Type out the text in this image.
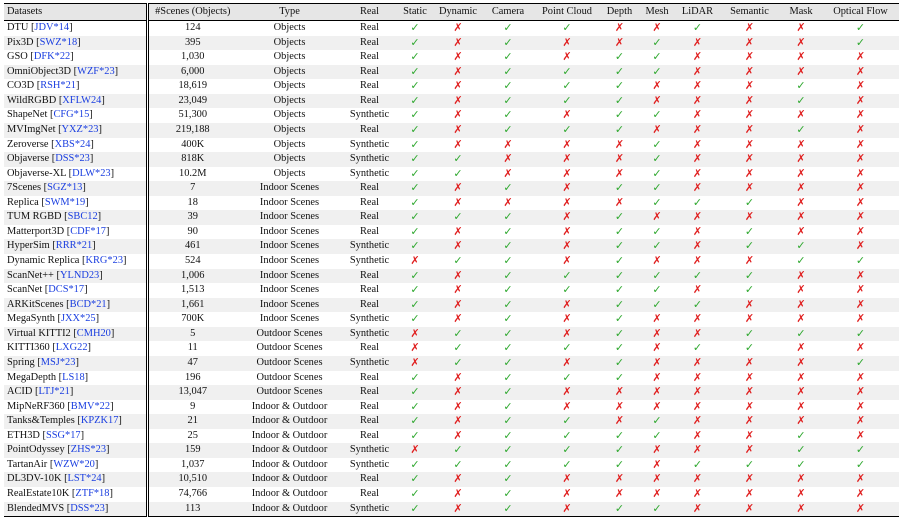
Datasets	#Scenes (Objects)	Type	Real	Static	Dynamic	Camera	Point Cloud	Depth	Mesh	LiDAR	Semantic	Mask	Optical Flow
DTU [JDV*14]	124	Objects	Real	✓	✗	✓	✓	✗	✗	✓	✗	✗	✓
Pix3D [SWZ*18]	395	Objects	Real	✓	✗	✓	✗	✗	✓	✗	✗	✗	✓
GSO [DFK*22]	1,030	Objects	Real	✓	✗	✓	✗	✓	✓	✗	✗	✗	✗
OmniObject3D [WZF*23]	6,000	Objects	Real	✓	✗	✓	✓	✓	✓	✗	✗	✗	✗
CO3D [RSH*21]	18,619	Objects	Real	✓	✗	✓	✓	✓	✗	✗	✗	✓	✗
WildRGBD [XFLW24]	23,049	Objects	Real	✓	✗	✓	✓	✓	✗	✗	✗	✓	✗
ShapeNet [CFG*15]	51,300	Objects	Synthetic	✓	✗	✓	✗	✓	✓	✗	✗	✗	✗
MVImgNet [YXZ*23]	219,188	Objects	Real	✓	✗	✓	✓	✓	✗	✗	✗	✓	✗
Zeroverse [XBS*24]	400K	Objects	Synthetic	✓	✗	✗	✗	✗	✓	✗	✗	✗	✗
Objaverse [DSS*23]	818K	Objects	Synthetic	✓	✓	✗	✗	✗	✓	✗	✗	✗	✗
Objaverse-XL [DLW*23]	10.2M	Objects	Synthetic	✓	✓	✗	✗	✗	✓	✗	✗	✗	✗
7Scenes [SGZ*13]	7	Indoor Scenes	Real	✓	✗	✓	✗	✓	✓	✗	✗	✗	✗
Replica [SWM*19]	18	Indoor Scenes	Real	✓	✗	✗	✗	✗	✓	✓	✓	✗	✗
TUM RGBD [SBC12]	39	Indoor Scenes	Real	✓	✓	✓	✗	✓	✗	✗	✗	✗	✗
Matterport3D [CDF*17]	90	Indoor Scenes	Real	✓	✗	✓	✗	✓	✓	✗	✓	✗	✗
HyperSim [RRR*21]	461	Indoor Scenes	Synthetic	✓	✗	✓	✗	✓	✓	✗	✓	✓	✗
Dynamic Replica [KRG*23]	524	Indoor Scenes	Synthetic	✗	✓	✓	✗	✓	✗	✗	✗	✓	✓
ScanNet++ [YLND23]	1,006	Indoor Scenes	Real	✓	✗	✓	✓	✓	✓	✓	✓	✗	✗
ScanNet [DCS*17]	1,513	Indoor Scenes	Real	✓	✗	✓	✓	✓	✓	✗	✓	✗	✗
ARKitScenes [BCD*21]	1,661	Indoor Scenes	Real	✓	✗	✓	✗	✓	✓	✓	✗	✗	✗
MegaSynth [JXX*25]	700K	Indoor Scenes	Synthetic	✓	✗	✓	✗	✓	✗	✗	✗	✗	✗
Virtual KITTI2 [CMH20]	5	Outdoor Scenes	Synthetic	✗	✓	✓	✗	✓	✗	✗	✓	✓	✓
KITTI360 [LXG22]	11	Outdoor Scenes	Real	✗	✓	✓	✓	✓	✗	✓	✓	✗	✗
Spring [MSJ*23]	47	Outdoor Scenes	Synthetic	✗	✓	✓	✗	✓	✗	✗	✗	✗	✓
MegaDepth [LS18]	196	Outdoor Scenes	Real	✓	✗	✓	✓	✓	✗	✗	✗	✗	✗
ACID [LTJ*21]	13,047	Outdoor Scenes	Real	✓	✗	✓	✗	✗	✗	✗	✗	✗	✗
MipNeRF360 [BMV*22]	9	Indoor & Outdoor	Real	✓	✗	✓	✗	✗	✗	✗	✗	✗	✗
Tanks&Temples [KPZK17]	21	Indoor & Outdoor	Real	✓	✗	✓	✓	✗	✓	✗	✗	✗	✗
ETH3D [SSG*17]	25	Indoor & Outdoor	Real	✓	✗	✓	✓	✓	✓	✗	✗	✓	✗
PointOdyssey [ZHS*23]	159	Indoor & Outdoor	Synthetic	✗	✓	✓	✓	✓	✗	✗	✗	✓	✓
TartanAir [WZW*20]	1,037	Indoor & Outdoor	Synthetic	✓	✓	✓	✓	✓	✗	✓	✓	✓	✓
DL3DV-10K [LST*24]	10,510	Indoor & Outdoor	Real	✓	✗	✓	✗	✗	✗	✗	✗	✗	✗
RealEstate10K [ZTF*18]	74,766	Indoor & Outdoor	Real	✓	✗	✓	✗	✗	✗	✗	✗	✗	✗
BlendedMVS [DSS*23]	113	Indoor & Outdoor	Synthetic	✓	✗	✓	✗	✓	✓	✗	✗	✗	✗
